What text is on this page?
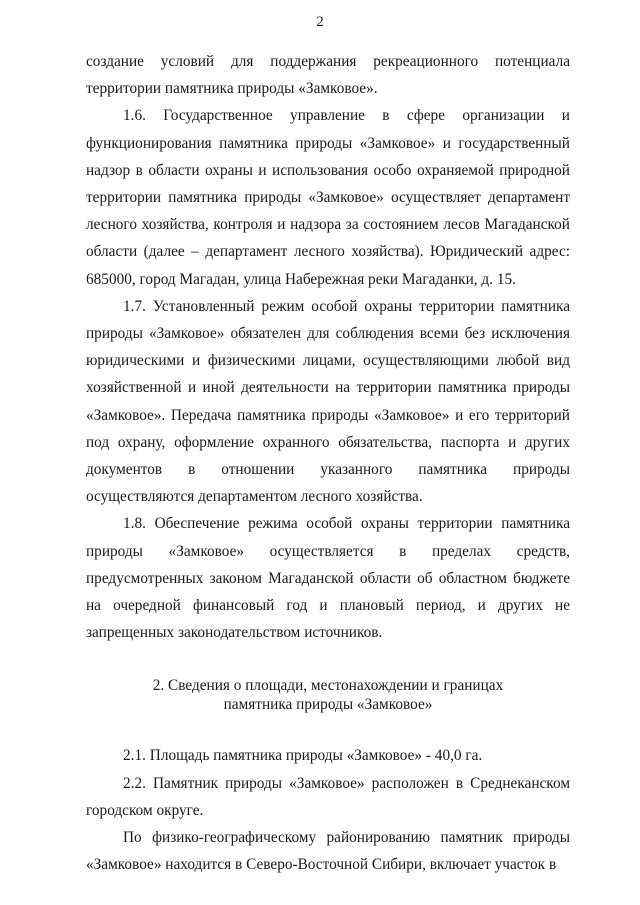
2

создание условий для поддержания рекреационного потенциала территории памятника природы «Замковое».

1.6. Государственное управление в сфере организации и функционирования памятника природы «Замковое» и государственный надзор в области охраны и использования особо охраняемой природной территории памятника природы «Замковое» осуществляет департамент лесного хозяйства, контроля и надзора за состоянием лесов Магаданской области (далее – департамент лесного хозяйства). Юридический адрес: 685000, город Магадан, улица Набережная реки Магаданки, д. 15.

1.7. Установленный режим особой охраны территории памятника природы «Замковое» обязателен для соблюдения всеми без исключения юридическими и физическими лицами, осуществляющими любой вид хозяйственной и иной деятельности на территории памятника природы «Замковое». Передача памятника природы «Замковое» и его территорий под охрану, оформление охранного обязательства, паспорта и других документов в отношении указанного памятника природы осуществляются департаментом лесного хозяйства.

1.8. Обеспечение режима особой охраны территории памятника природы «Замковое» осуществляется в пределах средств, предусмотренных законом Магаданской области об областном бюджете на очередной финансовый год и плановый период, и других не запрещенных законодательством источников.

2. Сведения о площади, местонахождении и границах
памятника природы «Замковое»

2.1. Площадь памятника природы «Замковое» - 40,0 га.

2.2. Памятник природы «Замковое» расположен в Среднеканском городском округе.

По физико-географическому районированию памятник природы «Замковое» находится в Северо-Восточной Сибири, включает участок в
